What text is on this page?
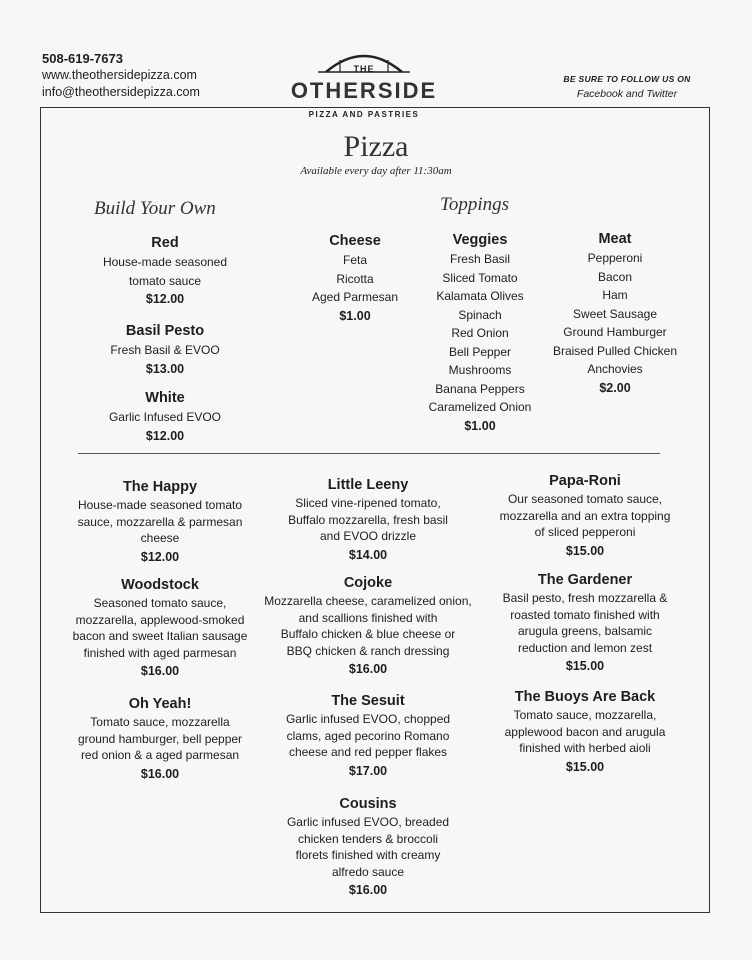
508-619-7673
www.theothersidepizza.com
info@theothersidepizza.com
THE
OTHERSIDE
PIZZA AND PASTRIES
BE SURE TO FOLLOW US ON
Facebook and Twitter
Pizza
Available every day after 11:30am
Build Your Own	Toppings
Red
House-made seasoned
tomato sauce
$12.00
Basil Pesto
Fresh Basil & EVOO
$13.00
White
Garlic Infused EVOO
$12.00
Cheese
Feta
Ricotta
Aged Parmesan
$1.00
Veggies
Fresh Basil
Sliced Tomato
Kalamata Olives
Spinach
Red Onion
Bell Pepper
Mushrooms
Banana Peppers
Caramelized Onion
$1.00
Meat
Pepperoni
Bacon
Ham
Sweet Sausage
Ground Hamburger
Braised Pulled Chicken
Anchovies
$2.00
The Happy
House-made seasoned tomato
sauce, mozzarella & parmesan
cheese
$12.00
Little Leeny
Sliced vine-ripened tomato,
Buffalo mozzarella, fresh basil
and EVOO drizzle
$14.00
Papa-Roni
Our seasoned tomato sauce,
mozzarella and an extra topping
of sliced pepperoni
$15.00
Woodstock
Seasoned tomato sauce,
mozzarella, applewood-smoked
bacon and sweet Italian sausage
finished with aged parmesan
$16.00
Cojoke
Mozzarella cheese, caramelized onion,
and scallions finished with
Buffalo chicken & blue cheese or
BBQ chicken & ranch dressing
$16.00
The Gardener
Basil pesto, fresh mozzarella &
roasted tomato finished with
arugula greens, balsamic
reduction and lemon zest
$15.00
Oh Yeah!
Tomato sauce, mozzarella
ground hamburger, bell pepper
red onion & a aged parmesan
$16.00
The Sesuit
Garlic infused EVOO, chopped
clams, aged pecorino Romano
cheese and red pepper flakes
$17.00
The Buoys Are Back
Tomato sauce, mozzarella,
applewood bacon and arugula
finished with herbed aioli
$15.00
Cousins
Garlic infused EVOO, breaded
chicken tenders & broccoli
florets finished with creamy
alfredo sauce
$16.00
